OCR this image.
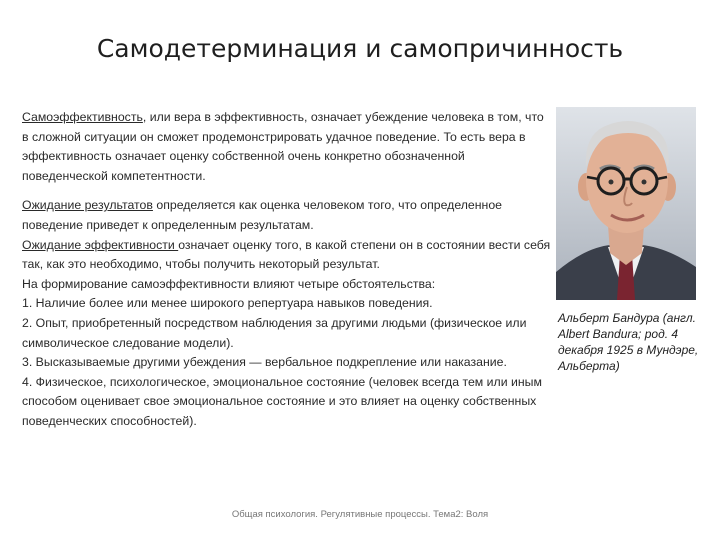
Самодетерминация и самопричинность

Самоэффективность, или вера в эффективность, означает убеждение человека в том, что в сложной ситуации он сможет продемонстрировать удачное поведение. То есть вера в эффективность означает оценку собственной очень конкретно обозначенной поведенческой компетентности.

Ожидание результатов определяется как оценка человеком того, что определенное поведение приведет к определенным результатам.
Ожидание эффективности означает оценку того, в какой степени он в состоянии вести себя так, как это необходимо, чтобы получить некоторый результат.
На формирование самоэффективности влияют четыре обстоятельства:
1. Наличие более или менее широкого репертуара навыков поведения.
2. Опыт, приобретенный посредством наблюдения за другими людьми (физическое или символическое следование модели).
3. Высказываемые другими убеждения — вербальное подкрепление или наказание.
4. Физическое, психологическое, эмоциональное состояние (человек всегда тем или иным способом оценивает свое эмоциональное состояние и это влияет на оценку собственных поведенческих способностей).

Альберт Бандура (англ. Albert Bandura; род. 4 декабря 1925 в Мундэре, Альберта)
Общая психология. Регулятивные процессы. Тема2: Воля
